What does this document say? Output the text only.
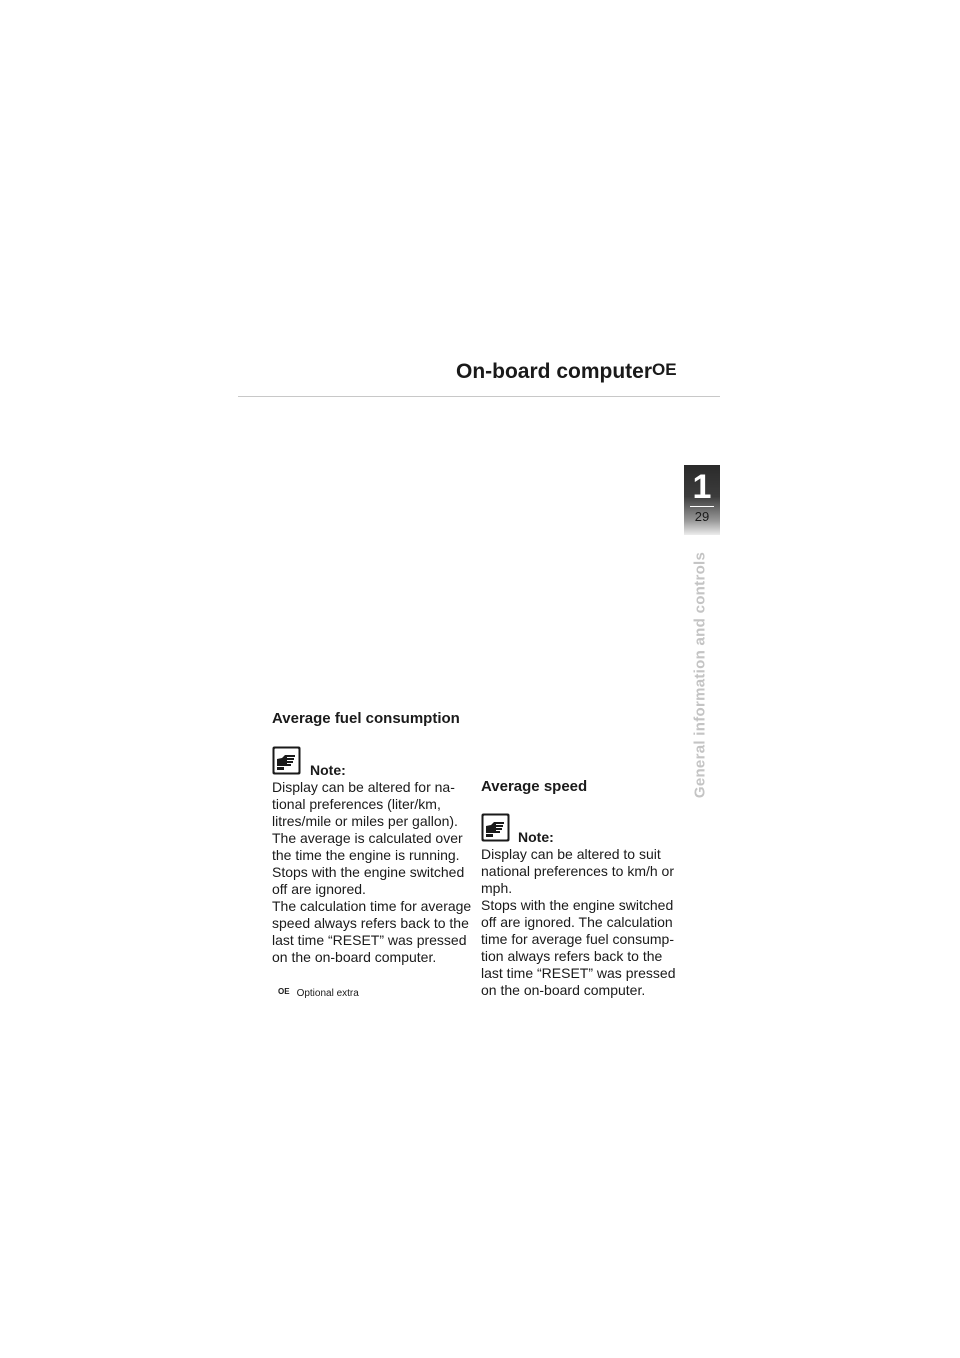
On-board computer$^{OE}$
1
29
General information and controls
Average fuel consumption
Note:

Display can be altered for na-

tional preferences (liter/km,

litres/mile or miles per gallon).

The average is calculated over

the time the engine is running.

Stops with the engine switched

off are ignored.

The calculation time for average

speed always refers back to the

last time “RESET” was pressed

on the on-board computer.

$^{OE}$ Optional extra
Average speed
Note:

Display can be altered to suit

national preferences to km/h or

mph.

Stops with the engine switched

off are ignored. The calculation

time for average fuel consump-

tion always refers back to the

last time “RESET” was pressed

on the on-board computer.
